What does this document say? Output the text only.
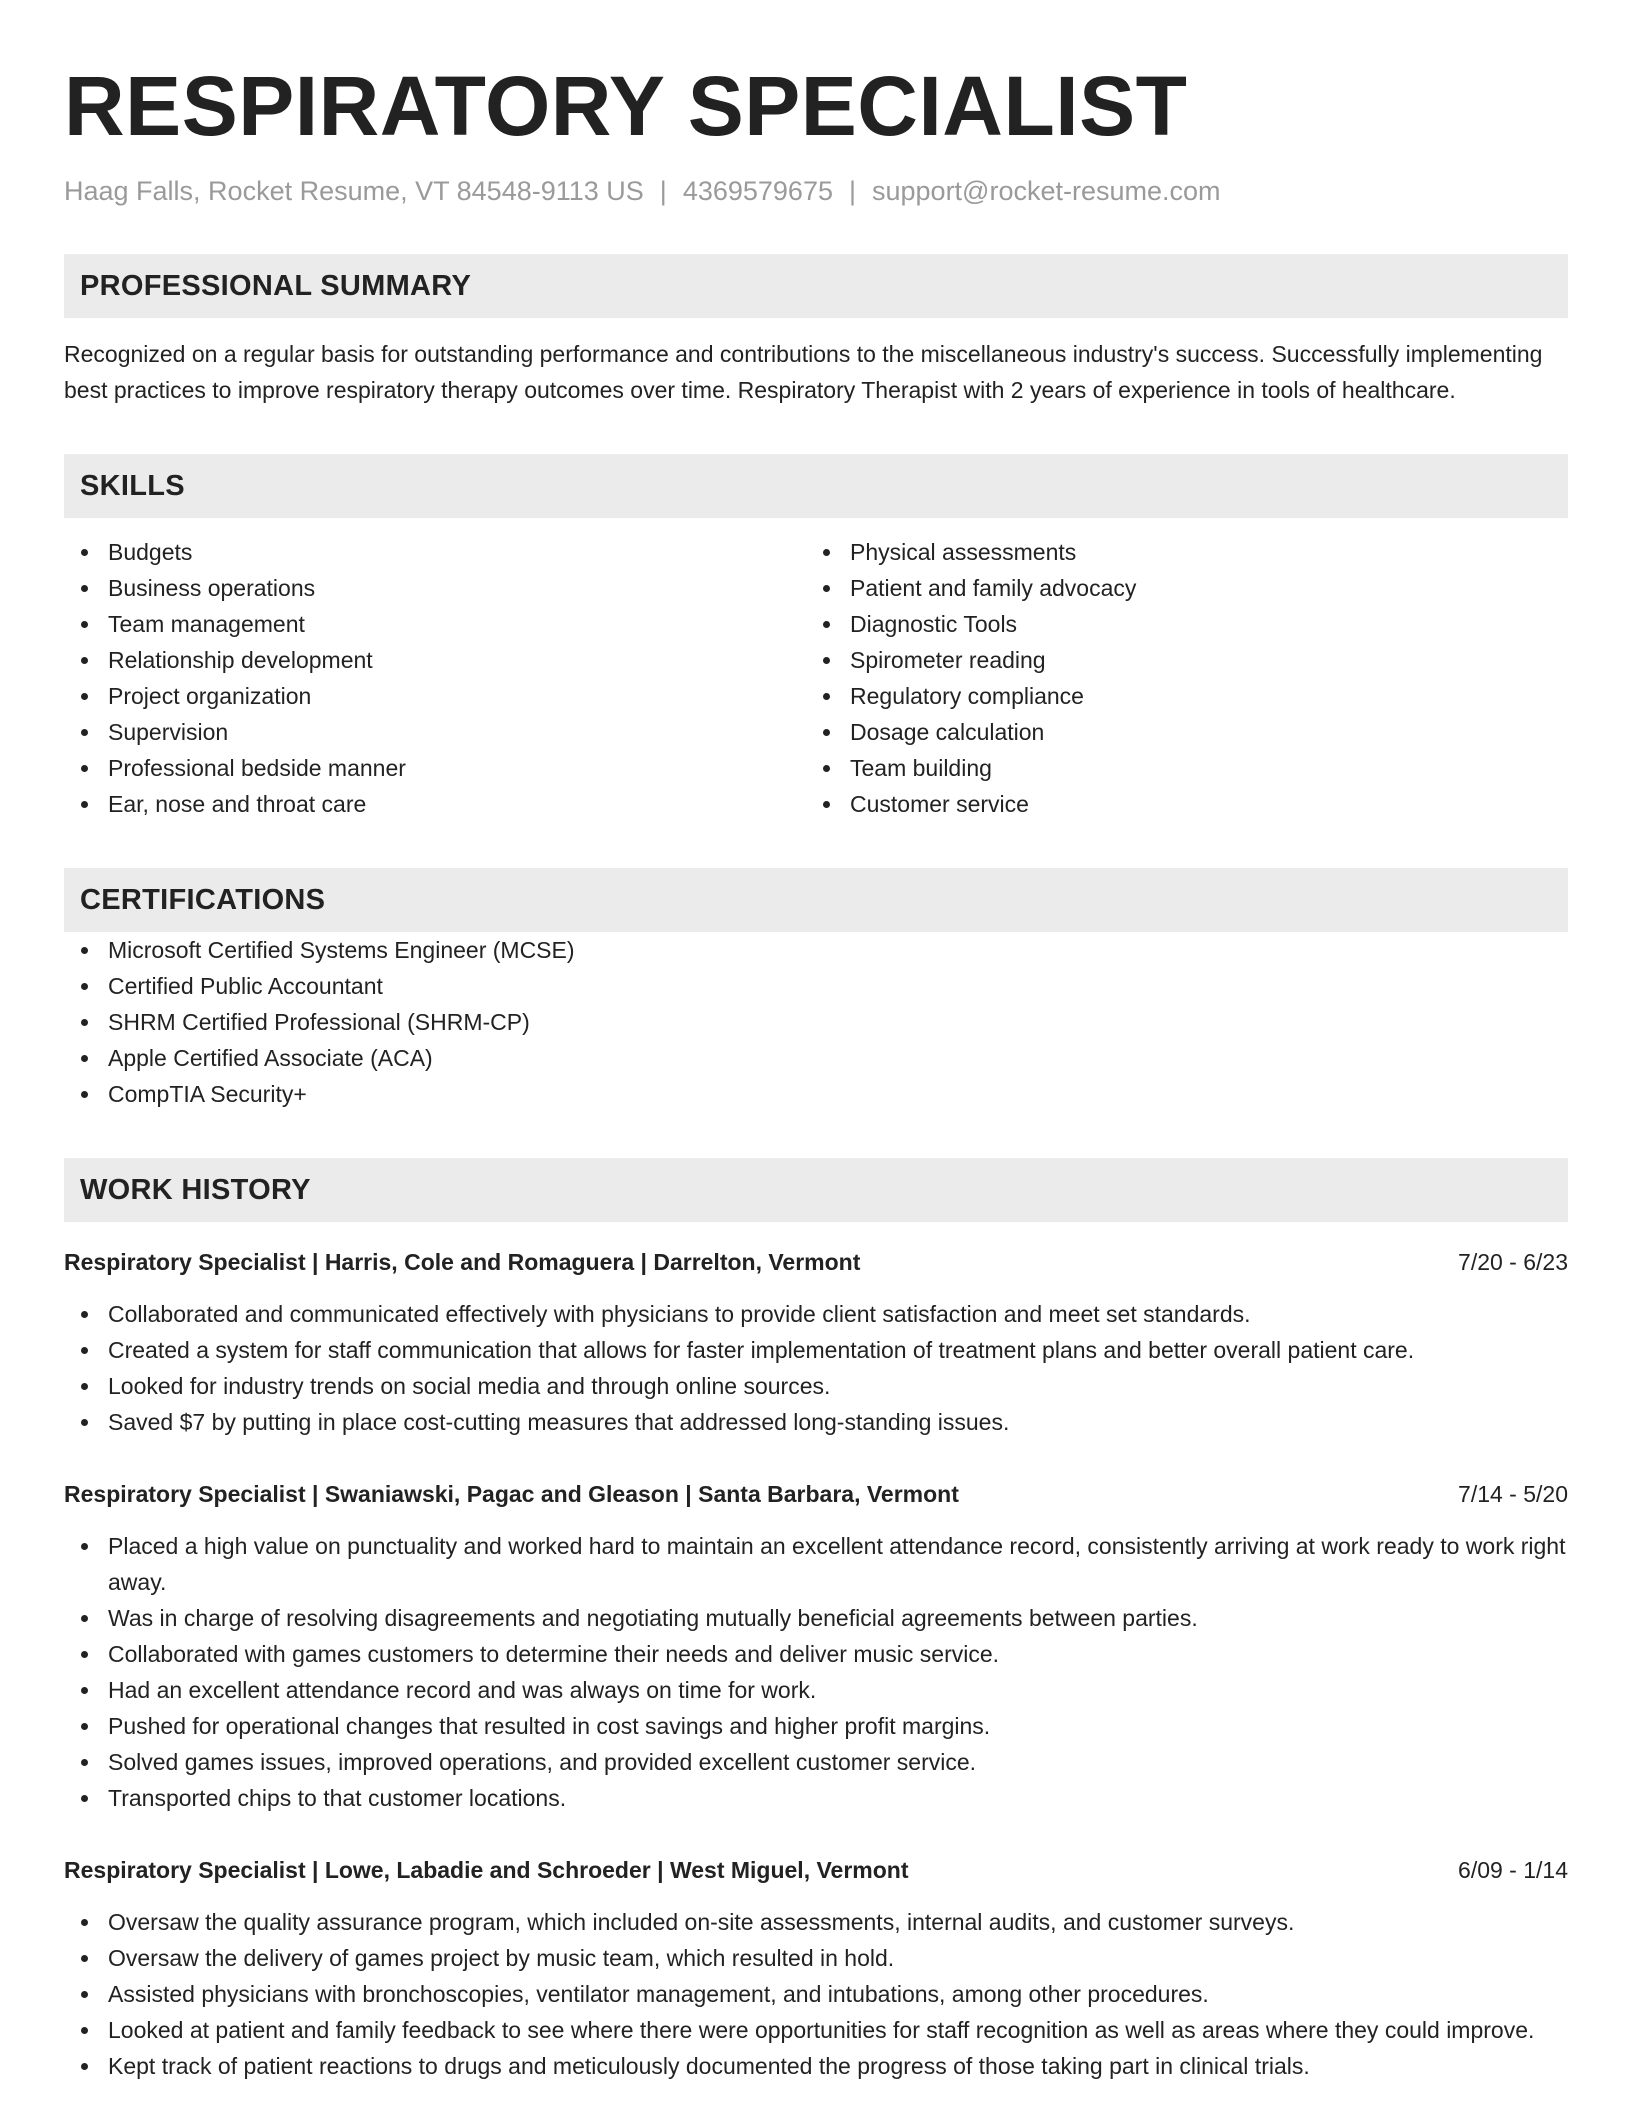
RESPIRATORY SPECIALIST
Haag Falls, Rocket Resume, VT 84548-9113 US | 4369579675 | support@rocket-resume.com
PROFESSIONAL SUMMARY

Recognized on a regular basis for outstanding performance and contributions to the miscellaneous industry's success. Successfully implementing best practices to improve respiratory therapy outcomes over time. Respiratory Therapist with 2 years of experience in tools of healthcare.

SKILLS
Budgets
Business operations
Team management
Relationship development
Project organization
Supervision
Professional bedside manner
Ear, nose and throat care
Physical assessments
Patient and family advocacy
Diagnostic Tools
Spirometer reading
Regulatory compliance
Dosage calculation
Team building
Customer service
CERTIFICATIONS
Microsoft Certified Systems Engineer (MCSE)
Certified Public Accountant
SHRM Certified Professional (SHRM-CP)
Apple Certified Associate (ACA)
CompTIA Security+
WORK HISTORY
Respiratory Specialist | Harris, Cole and Romaguera | Darrelton, Vermont	7/20 - 6/23
Collaborated and communicated effectively with physicians to provide client satisfaction and meet set standards.
Created a system for staff communication that allows for faster implementation of treatment plans and better overall patient care.
Looked for industry trends on social media and through online sources.
Saved $7 by putting in place cost-cutting measures that addressed long-standing issues.
Respiratory Specialist | Swaniawski, Pagac and Gleason | Santa Barbara, Vermont	7/14 - 5/20
Placed a high value on punctuality and worked hard to maintain an excellent attendance record, consistently arriving at work ready to work right away.
Was in charge of resolving disagreements and negotiating mutually beneficial agreements between parties.
Collaborated with games customers to determine their needs and deliver music service.
Had an excellent attendance record and was always on time for work.
Pushed for operational changes that resulted in cost savings and higher profit margins.
Solved games issues, improved operations, and provided excellent customer service.
Transported chips to that customer locations.
Respiratory Specialist | Lowe, Labadie and Schroeder | West Miguel, Vermont	6/09 - 1/14
Oversaw the quality assurance program, which included on-site assessments, internal audits, and customer surveys.
Oversaw the delivery of games project by music team, which resulted in hold.
Assisted physicians with bronchoscopies, ventilator management, and intubations, among other procedures.
Looked at patient and family feedback to see where there were opportunities for staff recognition as well as areas where they could improve.
Kept track of patient reactions to drugs and meticulously documented the progress of those taking part in clinical trials.
